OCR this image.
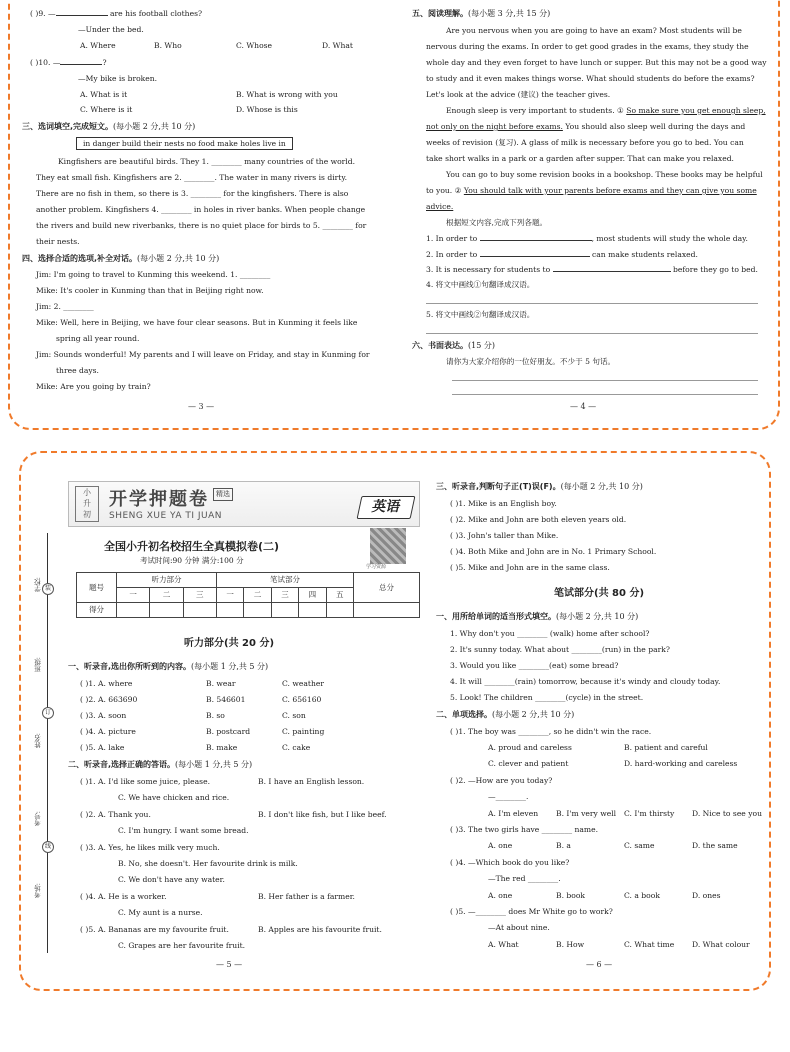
( )9. —	are his football clothes?
—Under the bed.
A. Where	B. Who	C. Whose	D. What
( )10. —	?
—My bike is broken.
A. What is it	B. What is wrong with you
C. Where is it	D. Whose is this
三、选词填空,完成短文。(每小题 2 分,共 10 分)
in danger build their nests no food make holes live in
Kingfishers are beautiful birds. They 1. ________ many countries of the world.
They eat small fish. Kingfishers are 2. ________. The water in many rivers is dirty.
There are no fish in them, so there is 3. ________ for the kingfishers. There is also
another problem. Kingfishers 4. ________ in holes in river banks. When people change
the rivers and build new riverbanks, there is no quiet place for birds to 5. ________ for
their nests.
四、选择合适的选项,补全对话。(每小题 2 分,共 10 分)
Jim: I'm going to travel to Kunming this weekend. 1. ________
Mike: It's cooler in Kunming than that in Beijing right now.
Jim: 2. ________
Mike: Well, here in Beijing, we have four clear seasons. But in Kunming it feels like
spring all year round.
Jim: Sounds wonderful! My parents and I will leave on Friday, and stay in Kunming for
three days.
Mike: Are you going by train?
— 3 —
五、阅读理解。(每小题 3 分,共 15 分)
Are you nervous when you are going to have an exam? Most students will be
nervous during the exams. In order to get good grades in the exams, they study the
whole day and they even forget to have lunch or supper. But this may not be a good way
to study and it even makes things worse. What should students do before the exams?
Let's look at the advice (建议) the teacher gives.
Enough sleep is very important to students. ① So make sure you get enough sleep,
not only on the night before exams. You should also sleep well during the days and
weeks of revision (复习). A glass of milk is necessary before you go to bed. You can
take short walks in a park or a garden after supper. That can make you relaxed.
You can go to buy some revision books in a bookshop. These books may be helpful
to you. ② You should talk with your parents before exams and they can give you some
advice.
根据短文内容,完成下列各题。
1. In order to	, most students will study the whole day.
2. In order to	can make students relaxed.
3. It is necessary for students to	before they go to bed.
4. 将文中画线①句翻译成汉语。
5. 将文中画线②句翻译成汉语。
六、书面表达。(15 分)
请你为大家介绍你的一位好朋友。不少于 5 句话。
— 4 —
小
升
初
开学押题卷	精选
SHENG XUE YA TI JUAN
英语
学习资源
全国小升初名校招生全真模拟卷(二)
考试时间:90 分钟 满分:100 分
题号	听力部分			笔试部分					总分
	一	二	三	一	二	三	四	五	
得分									
学校:
班级:
姓名:
考号:
考场:
装
订
线
听力部分(共 20 分)
一、听录音,选出你所听到的内容。(每小题 1 分,共 5 分)
( )1. A. where	B. wear	C. weather
( )2. A. 663690	B. 546601	C. 656160
( )3. A. soon	B. so	C. son
( )4. A. picture	B. postcard	C. painting
( )5. A. lake	B. make	C. cake
二、听录音,选择正确的答语。(每小题 1 分,共 5 分)
( )1. A. I'd like some juice, please.	B. I have an English lesson.
C. We have chicken and rice.
( )2. A. Thank you.	B. I don't like fish, but I like beef.
C. I'm hungry. I want some bread.
( )3. A. Yes, he likes milk very much.
B. No, she doesn't. Her favourite drink is milk.
C. We don't have any water.
( )4. A. He is a worker.	B. Her father is a farmer.
C. My aunt is a nurse.
( )5. A. Bananas are my favourite fruit.	B. Apples are his favourite fruit.
C. Grapes are her favourite fruit.
— 5 —
三、听录音,判断句子正(T)误(F)。(每小题 2 分,共 10 分)
( )1. Mike is an English boy.
( )2. Mike and John are both eleven years old.
( )3. John's taller than Mike.
( )4. Both Mike and John are in No. 1 Primary School.
( )5. Mike and John are in the same class.
笔试部分(共 80 分)
一、用所给单词的适当形式填空。(每小题 2 分,共 10 分)
1. Why don't you ________ (walk) home after school?
2. It's sunny today. What about ________(run) in the park?
3. Would you like ________(eat) some bread?
4. It will ________(rain) tomorrow, because it's windy and cloudy today.
5. Look! The children ________(cycle) in the street.
二、单项选择。(每小题 2 分,共 10 分)
( )1. The boy was ________, so he didn't win the race.
A. proud and careless	B. patient and careful
C. clever and patient	D. hard-working and careless
( )2. —How are you today?
—________.
A. I'm eleven B. I'm very well C. I'm thirsty D. Nice to see you
( )3. The two girls have ________ name.
A. one	B. a	C. same	D. the same
( )4. —Which book do you like?
—The red ________.
A. one	B. book	C. a book	D. ones
( )5. —________ does Mr White go to work?
—At about nine.
A. What	B. How	C. What time D. What colour
— 6 —
